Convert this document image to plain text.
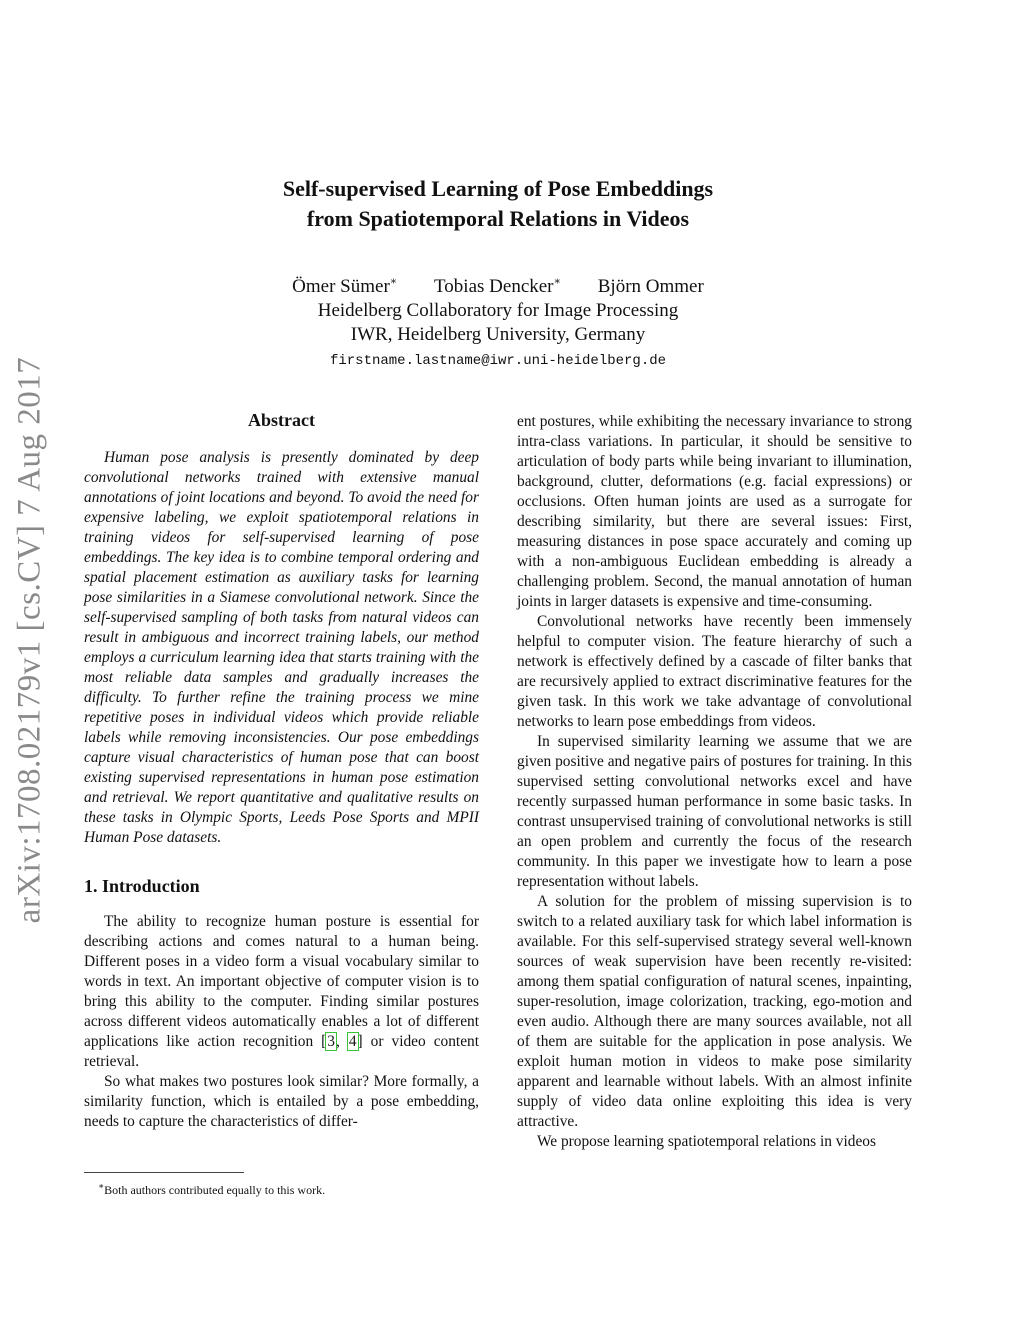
arXiv:1708.02179v1 [cs.CV] 7 Aug 2017
Self-supervised Learning of Pose Embeddings
from Spatiotemporal Relations in Videos
Ömer Sümer∗ Tobias Dencker∗ Björn Ommer
Heidelberg Collaboratory for Image Processing
IWR, Heidelberg University, Germany
firstname.lastname@iwr.uni-heidelberg.de
Abstract

Human pose analysis is presently dominated by deep convolutional networks trained with extensive manual annotations of joint locations and beyond. To avoid the need for expensive labeling, we exploit spatiotemporal relations in training videos for self-supervised learning of pose embeddings. The key idea is to combine temporal ordering and spatial placement estimation as auxiliary tasks for learning pose similarities in a Siamese convolutional network. Since the self-supervised sampling of both tasks from natural videos can result in ambiguous and incorrect training labels, our method employs a curriculum learning idea that starts training with the most reliable data samples and gradually increases the difficulty. To further refine the training process we mine repetitive poses in individual videos which provide reliable labels while removing inconsistencies. Our pose embeddings capture visual characteristics of human pose that can boost existing supervised representations in human pose estimation and retrieval. We report quantitative and qualitative results on these tasks in Olympic Sports, Leeds Pose Sports and MPII Human Pose datasets.

1. Introduction

The ability to recognize human posture is essential for describing actions and comes natural to a human being. Different poses in a video form a visual vocabulary similar to words in text. An important objective of computer vision is to bring this ability to the computer. Finding similar postures across different videos automatically enables a lot of different applications like action recognition [3, 4] or video content retrieval.

So what makes two postures look similar? More formally, a similarity function, which is entailed by a pose embedding, needs to capture the characteristics of differ-

ent postures, while exhibiting the necessary invariance to strong intra-class variations. In particular, it should be sensitive to articulation of body parts while being invariant to illumination, background, clutter, deformations (e.g. facial expressions) or occlusions. Often human joints are used as a surrogate for describing similarity, but there are several issues: First, measuring distances in pose space accurately and coming up with a non-ambiguous Euclidean embedding is already a challenging problem. Second, the manual annotation of human joints in larger datasets is expensive and time-consuming.

Convolutional networks have recently been immensely helpful to computer vision. The feature hierarchy of such a network is effectively defined by a cascade of filter banks that are recursively applied to extract discriminative features for the given task. In this work we take advantage of convolutional networks to learn pose embeddings from videos.

In supervised similarity learning we assume that we are given positive and negative pairs of postures for training. In this supervised setting convolutional networks excel and have recently surpassed human performance in some basic tasks. In contrast unsupervised training of convolutional networks is still an open problem and currently the focus of the research community. In this paper we investigate how to learn a pose representation without labels.

A solution for the problem of missing supervision is to switch to a related auxiliary task for which label information is available. For this self-supervised strategy several well-known sources of weak supervision have been recently re-visited: among them spatial configuration of natural scenes, inpainting, super-resolution, image colorization, tracking, ego-motion and even audio. Although there are many sources available, not all of them are suitable for the application in pose analysis. We exploit human motion in videos to make pose similarity apparent and learnable without labels. With an almost infinite supply of video data online exploiting this idea is very attractive.

We propose learning spatiotemporal relations in videos

∗Both authors contributed equally to this work.
